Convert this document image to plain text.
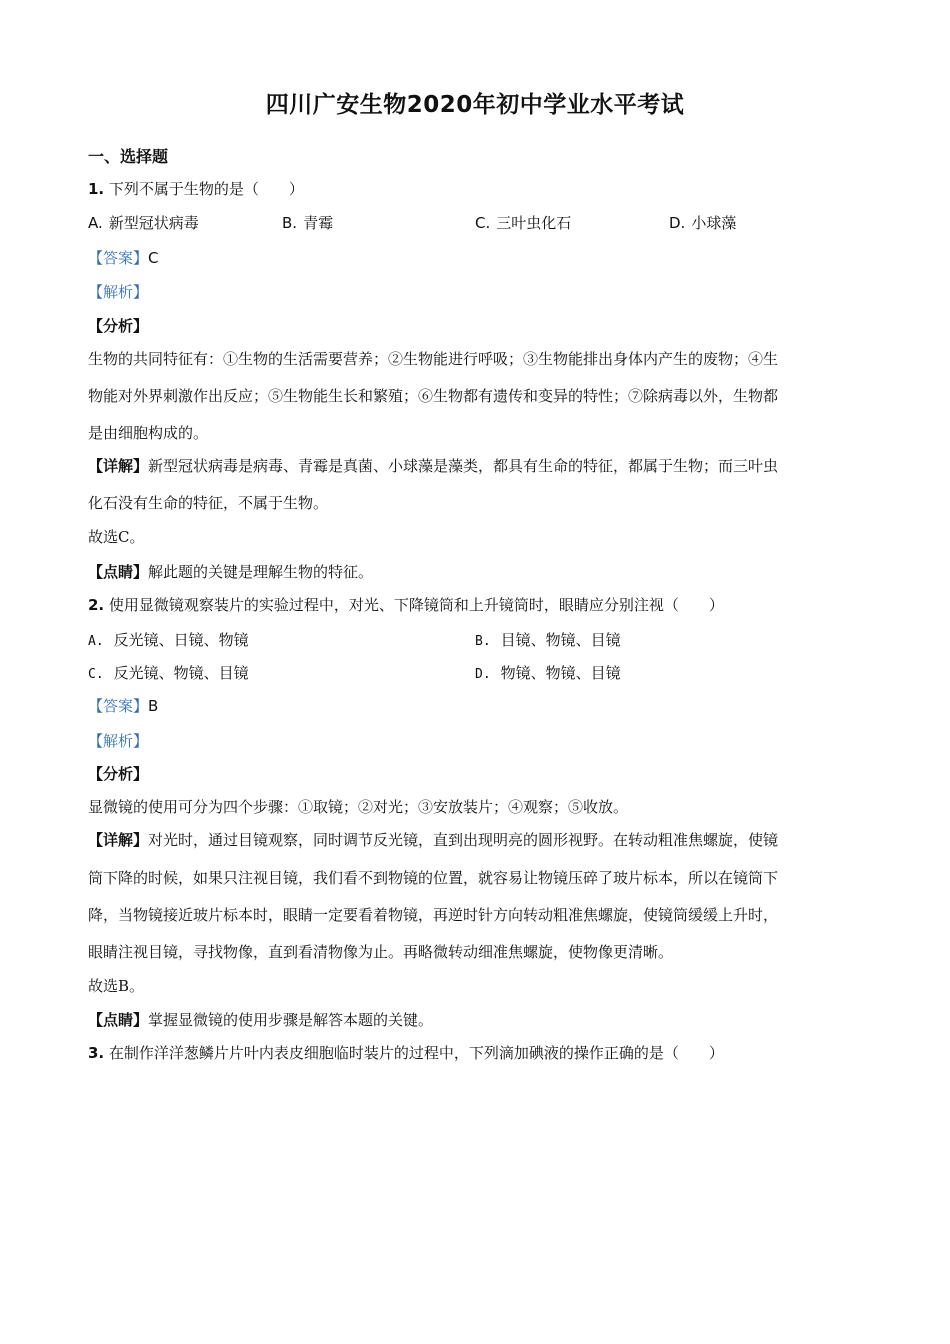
四川广安生物2020年初中学业水平考试
一、选择题
1. 下列不属于生物的是（　　）
A. 新型冠状病毒	B. 青霉	C. 三叶虫化石	D. 小球藻
【答案】C
【解析】
【分析】
生物的共同特征有：①生物的生活需要营养；②生物能进行呼吸；③生物能排出身体内产生的废物；④生
物能对外界刺激作出反应；⑤生物能生长和繁殖；⑥生物都有遗传和变异的特性；⑦除病毒以外，生物都
是由细胞构成的。
【详解】新型冠状病毒是病毒、青霉是真菌、小球藻是藻类，都具有生命的特征，都属于生物；而三叶虫
化石没有生命的特征，不属于生物。
故选C。
【点睛】解此题的关键是理解生物的特征。
2. 使用显微镜观察装片的实验过程中，对光、下降镜筒和上升镜筒时，眼睛应分别注视（　　）
A. 反光镜、日镜、物镜	B. 目镜、物镜、目镜
C. 反光镜、物镜、目镜	D. 物镜、物镜、目镜
【答案】B
【解析】
【分析】
显微镜的使用可分为四个步骤：①取镜；②对光；③安放装片；④观察；⑤收放。
【详解】对光时，通过目镜观察，同时调节反光镜，直到出现明亮的圆形视野。在转动粗准焦螺旋，使镜
筒下降的时候，如果只注视目镜，我们看不到物镜的位置，就容易让物镜压碎了玻片标本，所以在镜筒下
降，当物镜接近玻片标本时，眼睛一定要看着物镜，再逆时针方向转动粗准焦螺旋，使镜筒缓缓上升时，
眼睛注视目镜，寻找物像，直到看清物像为止。再略微转动细准焦螺旋，使物像更清晰。
故选B。
【点睛】掌握显微镜的使用步骤是解答本题的关键。
3. 在制作洋洋葱鳞片片叶内表皮细胞临时装片的过程中，下列滴加碘液的操作正确的是（　　）
